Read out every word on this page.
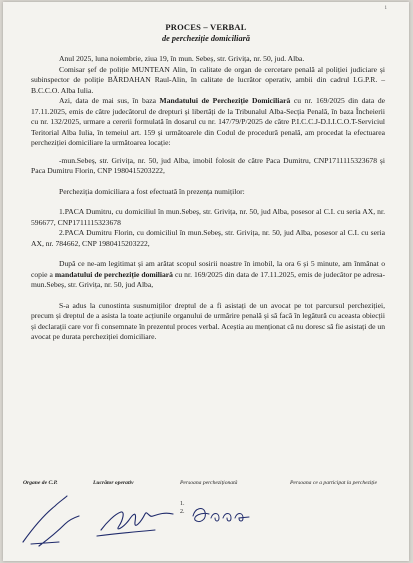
1
PROCES – VERBAL
de percheziție domiciliară

Anul 2025, luna noiembrie, ziua 19, în mun. Sebeș, str. Grivița, nr. 50, jud. Alba.

Comisar șef de poliție MUNTEAN Alin, în calitate de organ de cercetare penală al poliției judiciare și subinspector de poliție BĂRDAHAN Raul-Alin, în calitate de lucrător operativ, ambii din cadrul I.G.P.R. – B.C.C.O. Alba Iulia.

Azi, data de mai sus, în baza Mandatului de Percheziție Domiciliară cu nr. 169/2025 din data de 17.11.2025, emis de către judecătorul de drepturi și libertăți de la Tribunalul Alba-Secția Penală, în baza Încheierii cu nr. 132/2025, urmare a cererii formulată în dosarul cu nr. 147/79/P/2025 de către P.I.C.C.J-D.I.I.C.O.T-Serviciul Teritorial Alba Iulia, în temeiul art. 159 și următoarele din Codul de procedură penală, am procedat la efectuarea percheziției domiciliare la următoarea locație:

-mun.Sebeș, str. Grivița, nr. 50, jud Alba, imobil folosit de către Paca Dumitru, CNP1711115323678 și Paca Dumitru Florin, CNP 1980415203222,

Percheziția domiciliara a fost efectuată în prezența numiților:

1.PACA Dumitru, cu domiciliul în mun.Sebeș, str. Grivița, nr. 50, jud Alba, posesor al C.I. cu seria AX, nr. 596677, CNP1711115323678

2.PACA Dumitru Florin, cu domiciliul în mun.Sebeș, str. Grivița, nr. 50, jud Alba, posesor al C.I. cu seria AX, nr. 784662, CNP 1980415203222,

După ce ne-am legitimat și am arătat scopul sosirii noastre în imobil, la ora 6 și 5 minute, am înmânat o copie a mandatului de percheziție domiliară cu nr. 169/2025 din data de 17.11.2025, emis de judecător pe adresa- mun.Sebeș, str. Grivița, nr. 50, jud Alba,

S-a adus la cunostinta susnumiților dreptul de a fi asistați de un avocat pe tot parcursul percheziției, precum și dreptul de a asista la toate acțiunile organului de urmărire penală și să facă în legătură cu aceasta obiecții și declarații care vor fi consemnate în prezentul proces verbal. Aceștia au menționat că nu doresc să fie asistați de un avocat pe durata percheziției domiciliare.

Organe de C.P.	Lucrător operativ	Persoana percheziționată	Persoana ce a participat la percheziție
1.
2.
